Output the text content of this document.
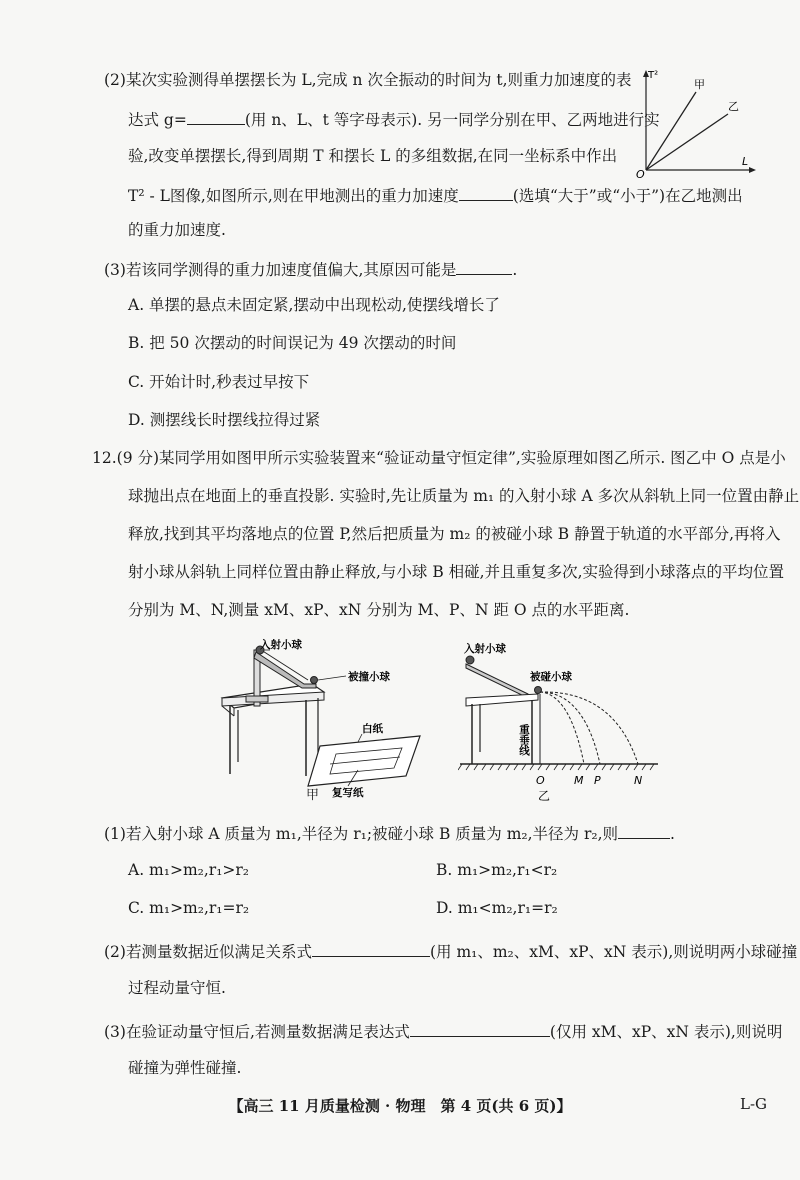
(2)某次实验测得单摆摆长为 L,完成 n 次全振动的时间为 t,则重力加速度的表
达式 g=	(用 n、L、t 等字母表示). 另一同学分别在甲、乙两地进行实
验,改变单摆摆长,得到周期 T 和摆长 L 的多组数据,在同一坐标系中作出
T² - L图像,如图所示,则在甲地测出的重力加速度	(选填“大于”或“小于”)在乙地测出
的重力加速度.
T²
L
O
甲
乙
(3)若该同学测得的重力加速度值偏大,其原因可能是	.
A. 单摆的悬点未固定紧,摆动中出现松动,使摆线增长了
B. 把 50 次摆动的时间误记为 49 次摆动的时间
C. 开始计时,秒表过早按下
D. 测摆线长时摆线拉得过紧
12.(9 分)某同学用如图甲所示实验装置来“验证动量守恒定律”,实验原理如图乙所示. 图乙中 O 点是小
球抛出点在地面上的垂直投影. 实验时,先让质量为 m₁ 的入射小球 A 多次从斜轨上同一位置由静止
释放,找到其平均落地点的位置 P,然后把质量为 m₂ 的被碰小球 B 静置于轨道的水平部分,再将入
射小球从斜轨上同样位置由静止释放,与小球 B 相碰,并且重复多次,实验得到小球落点的平均位置
分别为 M、N,测量 xM、xP、xN 分别为 M、P、N 距 O 点的水平距离.
入射小球
被撞小球
白纸
复写纸
甲
入射小球
被碰小球
重垂线
O	M P	N
乙
(1)若入射小球 A 质量为 m₁,半径为 r₁;被碰小球 B 质量为 m₂,半径为 r₂,则	.
A. m₁>m₂,r₁>r₂	B. m₁>m₂,r₁<r₂
C. m₁>m₂,r₁=r₂	D. m₁<m₂,r₁=r₂
(2)若测量数据近似满足关系式	(用 m₁、m₂、xM、xP、xN 表示),则说明两小球碰撞
过程动量守恒.
(3)在验证动量守恒后,若测量数据满足表达式	(仅用 xM、xP、xN 表示),则说明
碰撞为弹性碰撞.
【高三 11 月质量检测 · 物理　第 4 页(共 6 页)】	L-G
